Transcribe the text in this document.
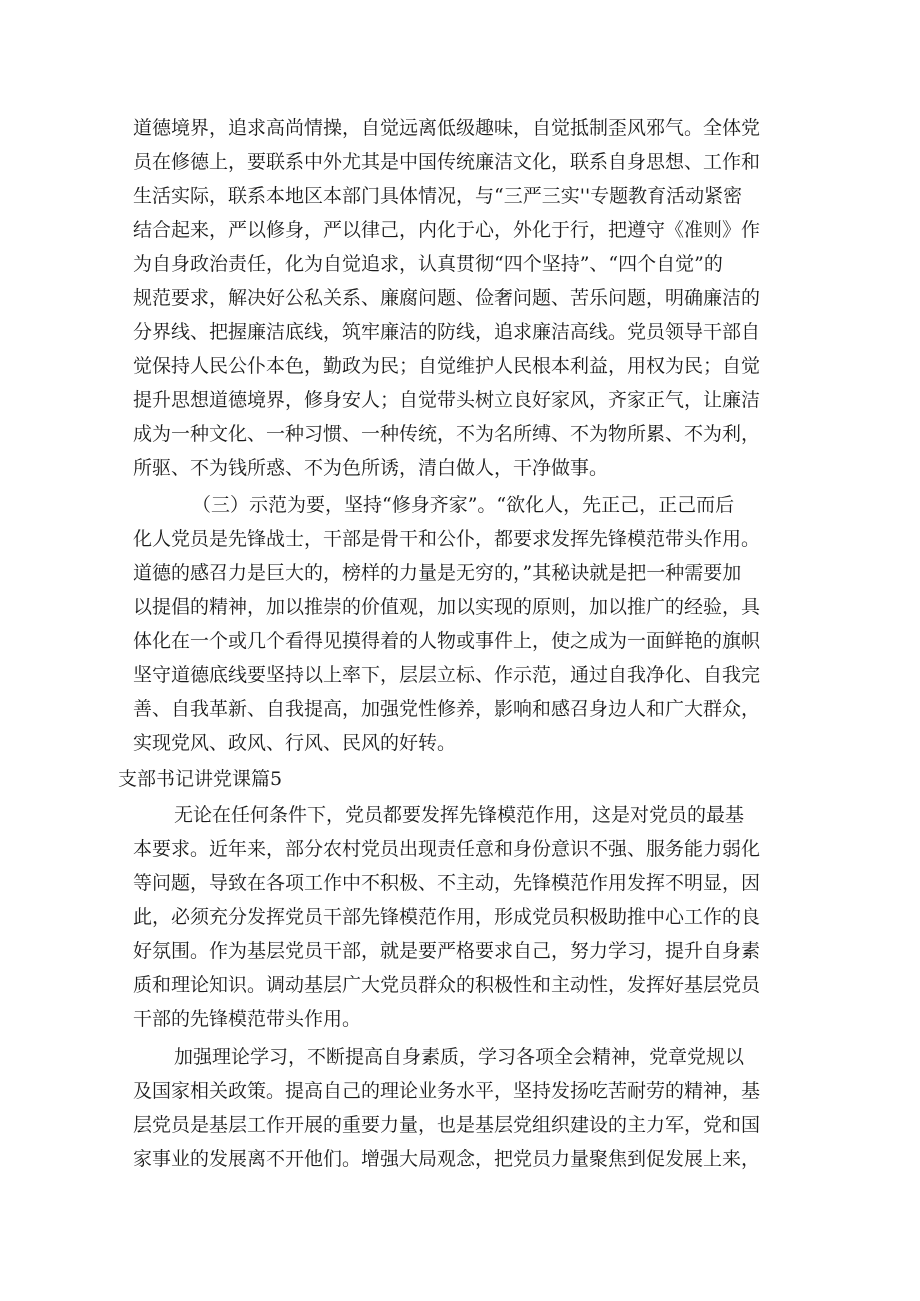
道德境界，追求高尚情操，自觉远离低级趣味，自觉抵制歪风邪气。全体党
员在修德上，要联系中外尤其是中国传统廉洁文化，联系自身思想、工作和
生活实际，联系本地区本部门具体情况，与“三严三实''专题教育活动紧密
结合起来，严以修身，严以律己，内化于心，外化于行，把遵守《准则》作
为自身政治责任，化为自觉追求，认真贯彻“四个坚持”、“四个自觉”的
规范要求，解决好公私关系、廉腐问题、俭奢问题、苦乐问题，明确廉洁的
分界线、把握廉洁底线，筑牢廉洁的防线，追求廉洁高线。党员领导干部自
觉保持人民公仆本色，勤政为民；自觉维护人民根本利益，用权为民；自觉
提升思想道德境界，修身安人；自觉带头树立良好家风，齐家正气，让廉洁
成为一种文化、一种习惯、一种传统，不为名所缚、不为物所累、不为利，
所驱、不为钱所惑、不为色所诱，清白做人，干净做事。
（三）示范为要，坚持“修身齐家”。“欲化人，先正己，正己而后
化人党员是先锋战士，干部是骨干和公仆，都要求发挥先锋模范带头作用。
道德的感召力是巨大的，榜样的力量是无穷的，”其秘诀就是把一种需要加
以提倡的精神，加以推崇的价值观，加以实现的原则，加以推广的经验，具
体化在一个或几个看得见摸得着的人物或事件上，使之成为一面鲜艳的旗帜
坚守道德底线要坚持以上率下，层层立标、作示范，通过自我净化、自我完
善、自我革新、自我提高，加强党性修养，影响和感召身边人和广大群众，
实现党风、政风、行风、民风的好转。
支部书记讲党课篇5
无论在任何条件下，党员都要发挥先锋模范作用，这是对党员的最基
本要求。近年来，部分农村党员出现责任意和身份意识不强、服务能力弱化
等问题，导致在各项工作中不积极、不主动，先锋模范作用发挥不明显，因
此，必须充分发挥党员干部先锋模范作用，形成党员积极助推中心工作的良
好氛围。作为基层党员干部，就是要严格要求自己，努力学习，提升自身素
质和理论知识。调动基层广大党员群众的积极性和主动性，发挥好基层党员
干部的先锋模范带头作用。
加强理论学习，不断提高自身素质，学习各项全会精神，党章党规以
及国家相关政策。提高自己的理论业务水平，坚持发扬吃苦耐劳的精神，基
层党员是基层工作开展的重要力量，也是基层党组织建设的主力军，党和国
家事业的发展离不开他们。增强大局观念，把党员力量聚焦到促发展上来，
